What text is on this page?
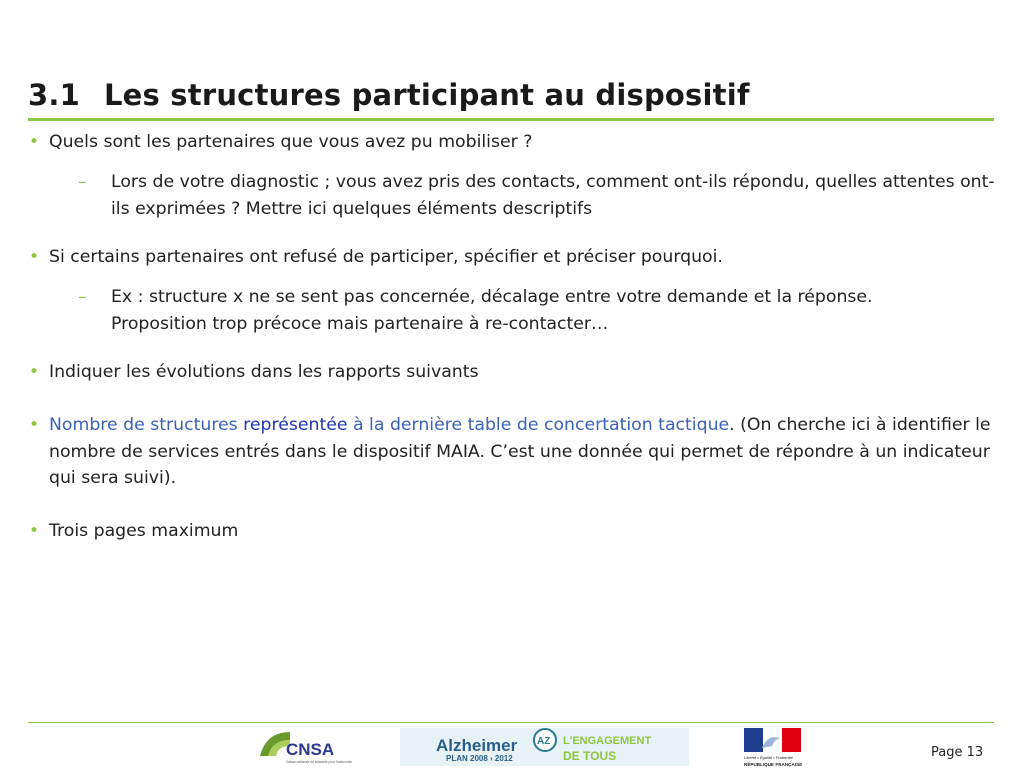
3.1 Les structures participant au dispositif
• Quels sont les partenaires que vous avez pu mobiliser ?
– Lors de votre diagnostic ; vous avez pris des contacts, comment ont-ils répondu, quelles attentes ont-ils exprimées ? Mettre ici quelques éléments descriptifs
• Si certains partenaires ont refusé de participer, spécifier et préciser pourquoi.
– Ex : structure x ne se sent pas concernée, décalage entre votre demande et la réponse. Proposition trop précoce mais partenaire à re-contacter…
• Indiquer les évolutions dans les rapports suivants
• Nombre de structures représentée à la dernière table de concertation tactique. (On cherche ici à identifier le nombre de services entrés dans le dispositif MAIA. C’est une donnée qui permet de répondre à un indicateur qui sera suivi).
• Trois pages maximum
CNSA
Caisse nationale de solidarité pour l'autonomie
Alzheimer
PLAN 2008 › 2012
AZ L'ENGAGEMENT
DE TOUS	Liberté • Égalité • Fraternité
RÉPUBLIQUE FRANÇAISE
Page 13
